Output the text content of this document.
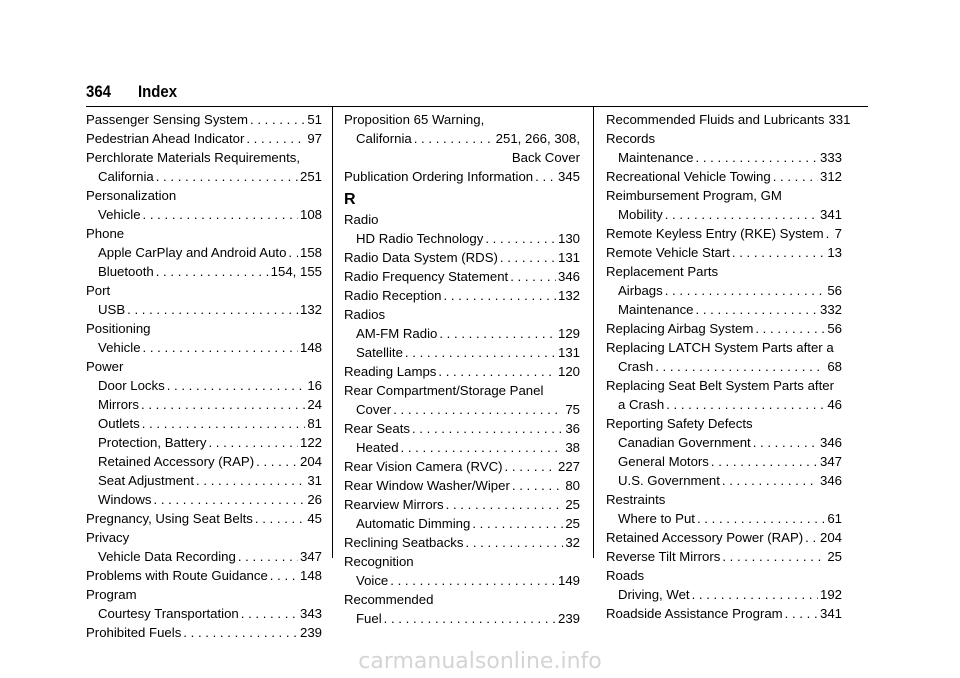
364 Index
Passenger Sensing System . . .	51
Pedestrian Ahead Indicator . . .	97
Perchlorate Materials Requirements,
California . . .	251
Personalization
Vehicle . . .	108
Phone
Apple CarPlay and Android Auto . . . 158
Bluetooth . . .	154, 155
Port
USB . . .	132
Positioning
Vehicle . . .	148
Power
Door Locks . . .	16
Mirrors . . .	24
Outlets . . .	81
Protection, Battery . . .	122
Retained Accessory (RAP) . . .	204
Seat Adjustment . . .	31
Windows . . .	26
Pregnancy, Using Seat Belts . . .	45
Privacy
Vehicle Data Recording . . .	347
Problems with Route Guidance . . . 148
Program
Courtesy Transportation . . .	343
Prohibited Fuels . . .	239
Proposition 65 Warning,
California . . .	251, 266, 308,
Back Cover
Publication Ordering Information . . . 345
R
Radio
HD Radio Technology . . .	130
Radio Data System (RDS) . . .	131
Radio Frequency Statement . . .	346
Radio Reception . . .	132
Radios
AM-FM Radio . . .	129
Satellite . . .	131
Reading Lamps . . .	120
Rear Compartment/Storage Panel
Cover . . .	75
Rear Seats . . .	36
Heated . . .	38
Rear Vision Camera (RVC) . . .	227
Rear Window Washer/Wiper . . .	80
Rearview Mirrors . . .	25
Automatic Dimming . . .	25
Reclining Seatbacks . . .	32
Recognition
Voice . . .	149
Recommended
Fuel . . .	239
Recommended Fluids and Lubricants 331
Records
Maintenance . . .	333
Recreational Vehicle Towing . . .	312
Reimbursement Program, GM
Mobility . . .	341
Remote Keyless Entry (RKE) System . . . 7
Remote Vehicle Start . . .	13
Replacement Parts
Airbags . . .	56
Maintenance . . .	332
Replacing Airbag System . . .	56
Replacing LATCH System Parts after a
Crash . . .	68
Replacing Seat Belt System Parts after
a Crash . . .	46
Reporting Safety Defects
Canadian Government . . .	346
General Motors . . .	347
U.S. Government . . .	346
Restraints
Where to Put . . .	61
Retained Accessory Power (RAP) . . . 204
Reverse Tilt Mirrors . . .	25
Roads
Driving, Wet . . .	192
Roadside Assistance Program . . .	341
carmanualsonline.info
